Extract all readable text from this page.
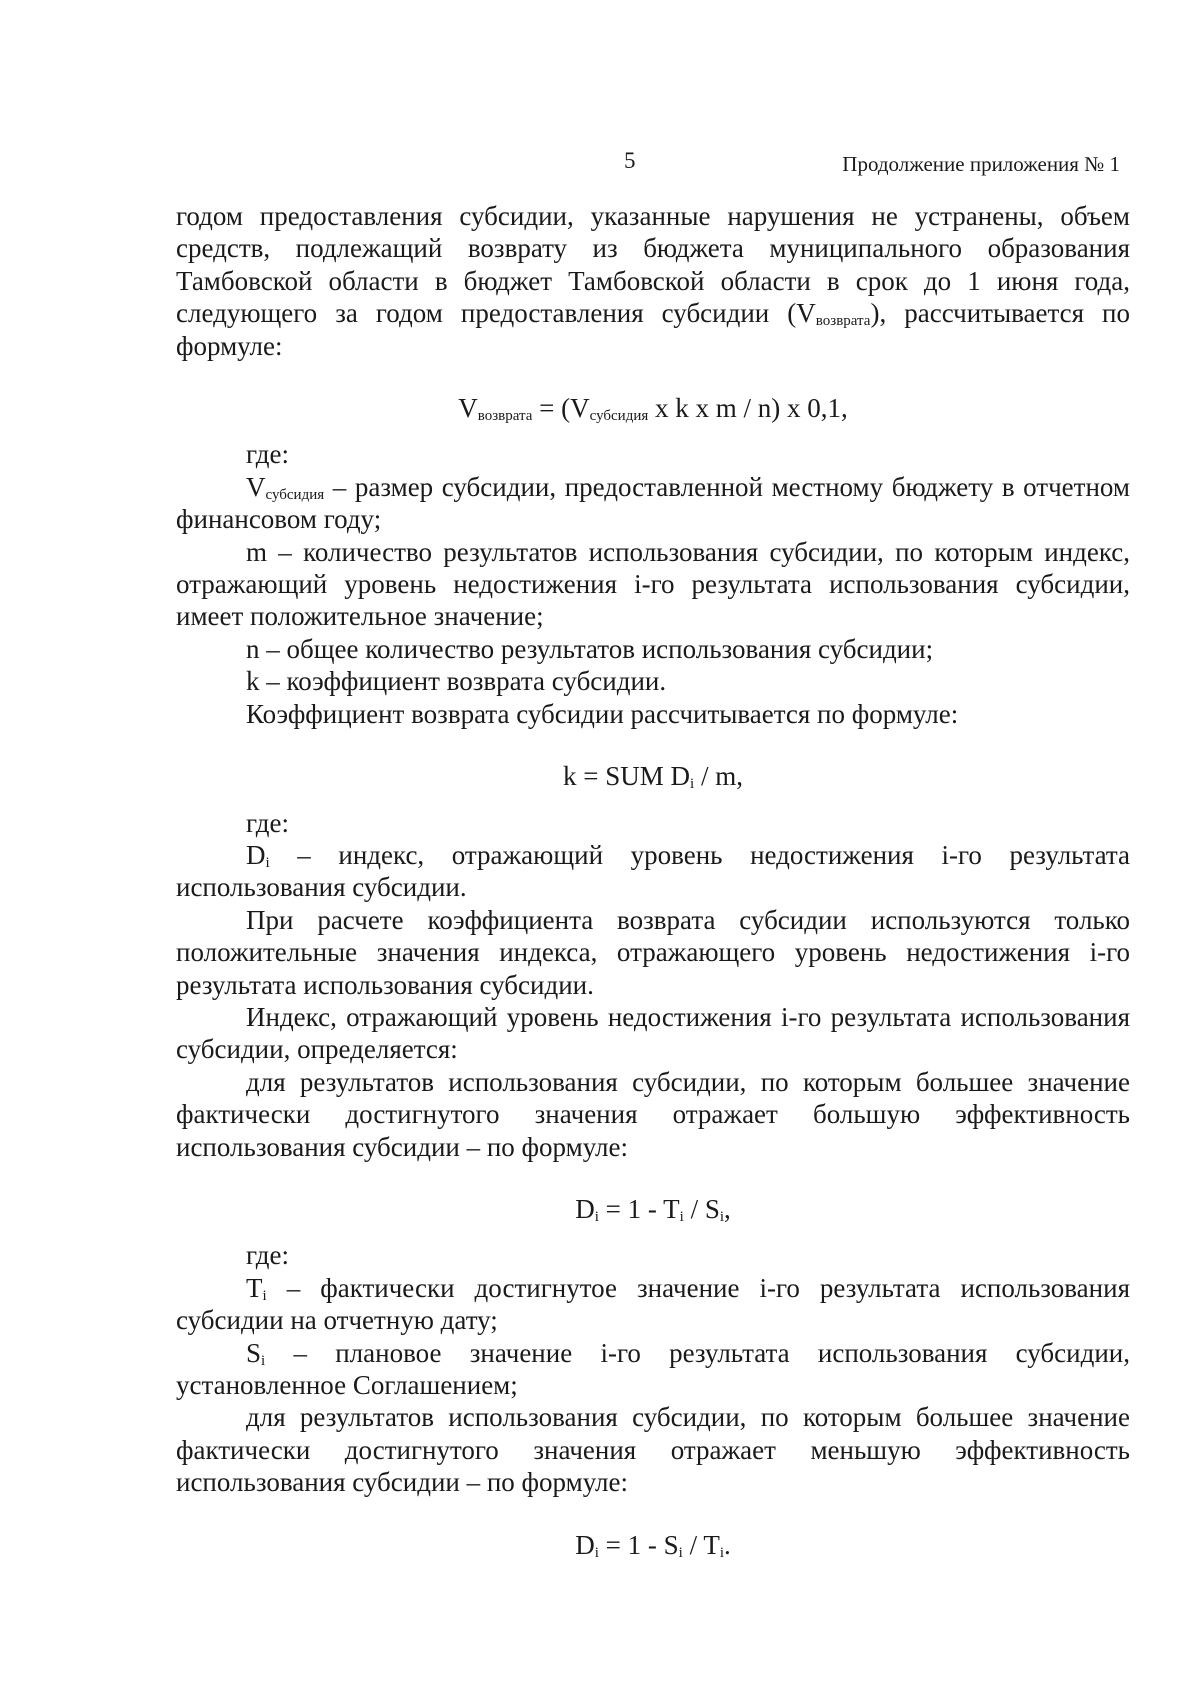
5	Продолжение приложения № 1

годом предоставления субсидии, указанные нарушения не устранены, объем средств, подлежащий возврату из бюджета муниципального образования Тамбовской области в бюджет Тамбовской области в срок до 1 июня года, следующего за годом предоставления субсидии $(V_{возврата})$, рассчитывается по формуле:

$V_{возврата} = (V_{субсидия}$ x k x m / n) x 0,1,

где:

$V_{субсидия}$ – размер субсидии, предоставленной местному бюджету в отчетном финансовом году;

m – количество результатов использования субсидии, по которым индекс, отражающий уровень недостижения i-го результата использования субсидии, имеет положительное значение;

n – общее количество результатов использования субсидии;

k – коэффициент возврата субсидии.

Коэффициент возврата субсидии рассчитывается по формуле:

k = SUM $D_i$ / m,

где:

$D_i$ – индекс, отражающий уровень недостижения i-го результата использования субсидии.

При расчете коэффициента возврата субсидии используются только положительные значения индекса, отражающего уровень недостижения i-го результата использования субсидии.

Индекс, отражающий уровень недостижения i-го результата использования субсидии, определяется:

для результатов использования субсидии, по которым большее значение фактически достигнутого значения отражает большую эффективность использования субсидии – по формуле:

$D_i = 1 - T_i / S_i$,

где:

$T_i$ – фактически достигнутое значение i-го результата использования субсидии на отчетную дату;

$S_i$ – плановое значение i-го результата использования субсидии, установленное Соглашением;

для результатов использования субсидии, по которым большее значение фактически достигнутого значения отражает меньшую эффективность использования субсидии – по формуле:

$D_i = 1 - S_i / T_i$.
